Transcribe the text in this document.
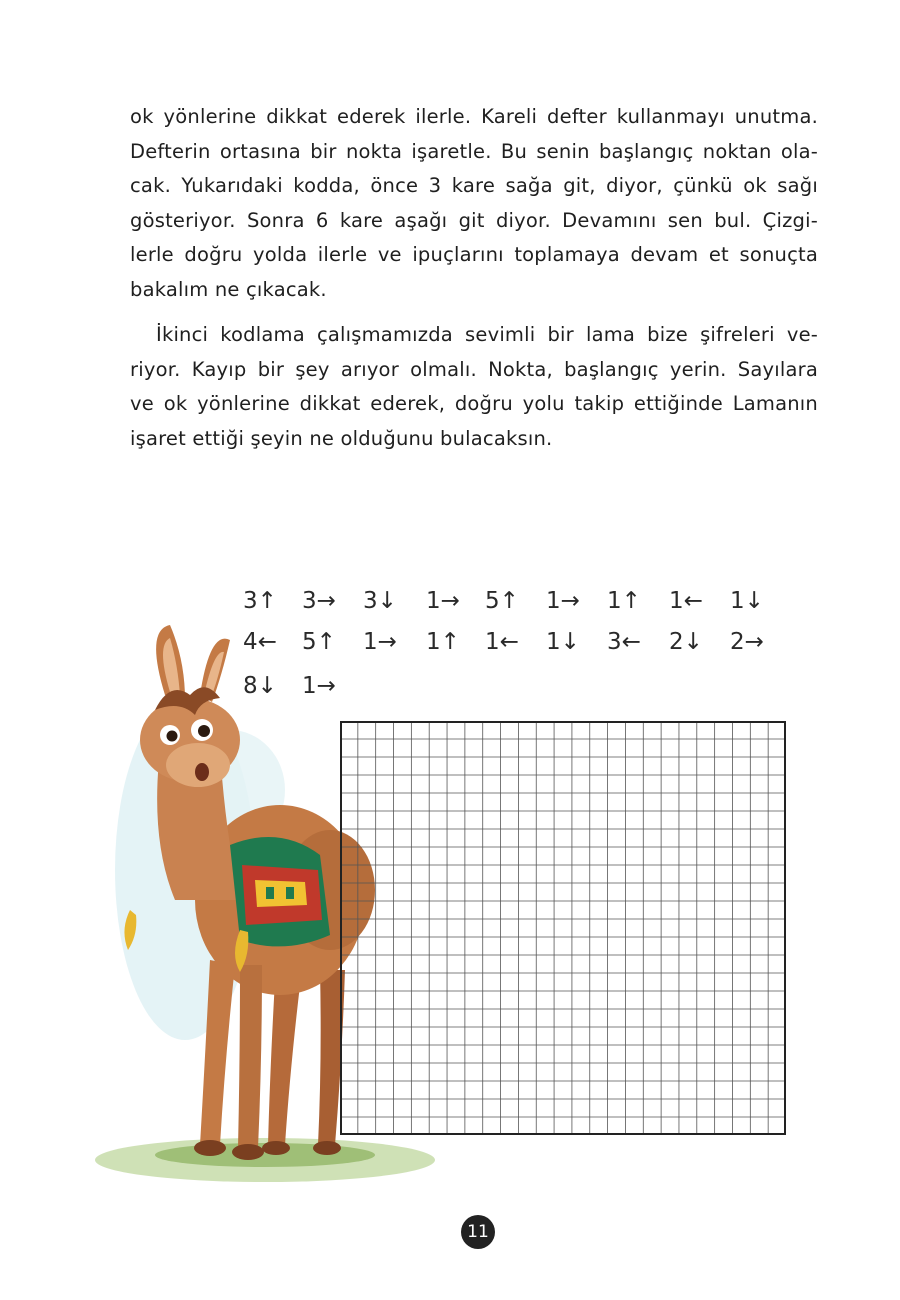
ok yönlerine dikkat ederek ilerle. Kareli defter kullanmayı unutma.
Defterin ortasına bir nokta işaretle. Bu senin başlangıç noktan ola-
cak. Yukarıdaki kodda, önce 3 kare sağa git, diyor, çünkü ok sağı
gösteriyor. Sonra 6 kare aşağı git diyor. Devamını sen bul. Çizgi-
lerle doğru yolda ilerle ve ipuçlarını toplamaya devam et sonuçta
bakalım ne çıkacak.

İkinci kodlama çalışmamızda sevimli bir lama bize şifreleri ve-
riyor. Kayıp bir şey arıyor olmalı. Nokta, başlangıç yerin. Sayılara
ve ok yönlerine dikkat ederek, doğru yolu takip ettiğinde Lamanın
işaret ettiği şeyin ne olduğunu bulacaksın.

3↑ 3→ 3↓ 1→ 5↑ 1→ 1↑ 1← 1↓
4← 5↑ 1→ 1↑ 1← 1↓ 3← 2↓ 2→
8↓ 1→
11
